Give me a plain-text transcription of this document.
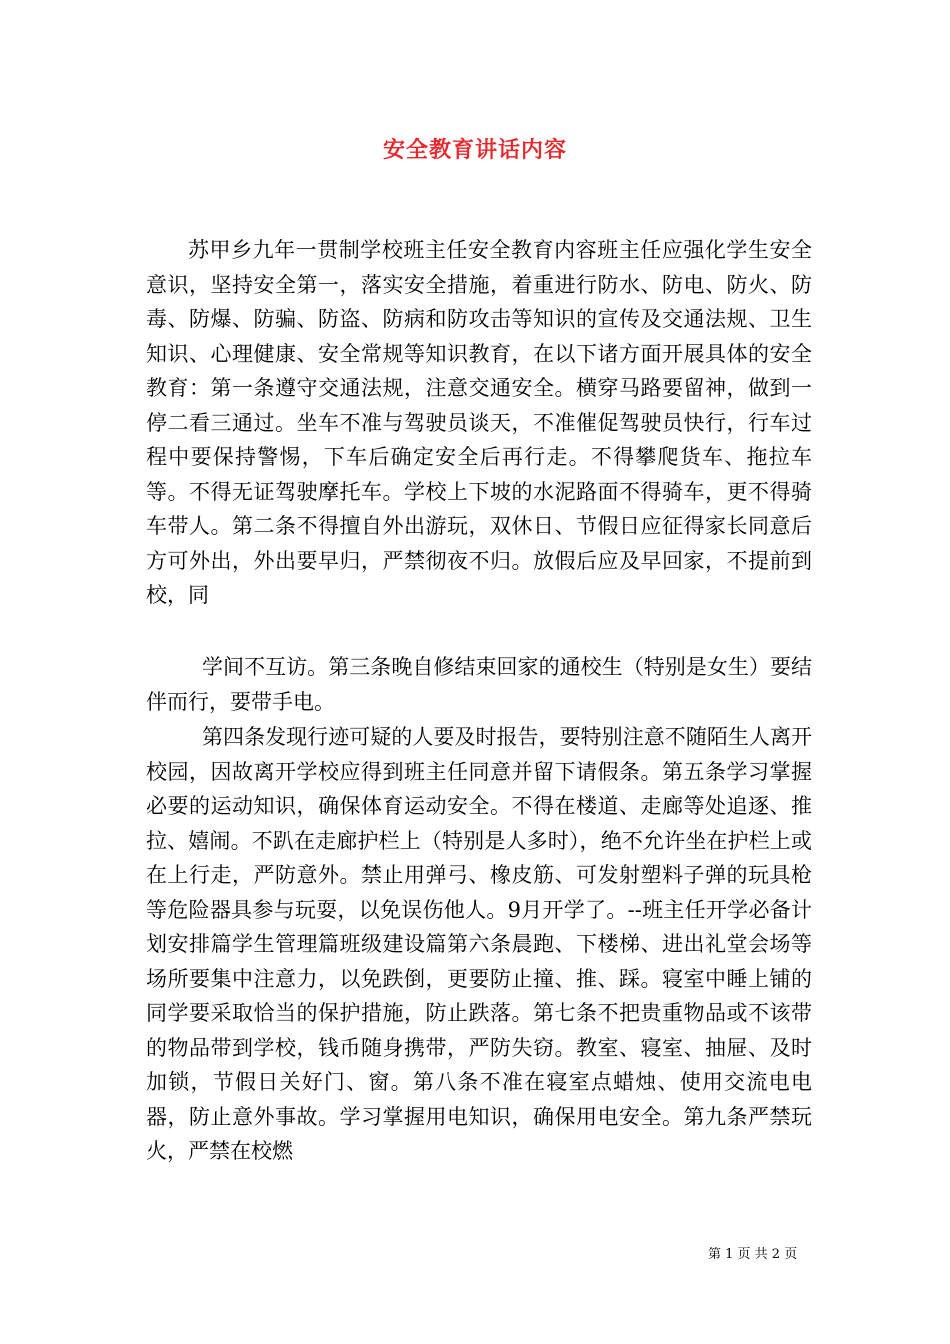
安全教育讲话内容

苏甲乡九年一贯制学校班主任安全教育内容班主任应强化学生安全意识，坚持安全第一，落实安全措施，着重进行防水、防电、防火、防毒、防爆、防骗、防盗、防病和防攻击等知识的宣传及交通法规、卫生知识、心理健康、安全常规等知识教育，在以下诸方面开展具体的安全教育：第一条遵守交通法规，注意交通安全。横穿马路要留神，做到一停二看三通过。坐车不准与驾驶员谈天，不准催促驾驶员快行，行车过程中要保持警惕，下车后确定安全后再行走。不得攀爬货车、拖拉车等。不得无证驾驶摩托车。学校上下坡的水泥路面不得骑车，更不得骑车带人。第二条不得擅自外出游玩，双休日、节假日应征得家长同意后方可外出，外出要早归，严禁彻夜不归。放假后应及早回家，不提前到校，同

学间不互访。第三条晚自修结束回家的通校生（特别是女生）要结伴而行，要带手电。

第四条发现行迹可疑的人要及时报告，要特别注意不随陌生人离开校园，因故离开学校应得到班主任同意并留下请假条。第五条学习掌握必要的运动知识，确保体育运动安全。不得在楼道、走廊等处追逐、推拉、嬉闹。不趴在走廊护栏上（特别是人多时），绝不允许坐在护栏上或在上行走，严防意外。禁止用弹弓、橡皮筋、可发射塑料子弹的玩具枪等危险器具参与玩耍，以免误伤他人。9月开学了。--班主任开学必备计划安排篇学生管理篇班级建设篇第六条晨跑、下楼梯、进出礼堂会场等场所要集中注意力，以免跌倒，更要防止撞、推、踩。寝室中睡上铺的同学要采取恰当的保护措施，防止跌落。第七条不把贵重物品或不该带的物品带到学校，钱币随身携带，严防失窃。教室、寝室、抽屉、及时加锁，节假日关好门、窗。第八条不准在寝室点蜡烛、使用交流电电器，防止意外事故。学习掌握用电知识，确保用电安全。第九条严禁玩火，严禁在校燃

第 1 页 共 2 页
